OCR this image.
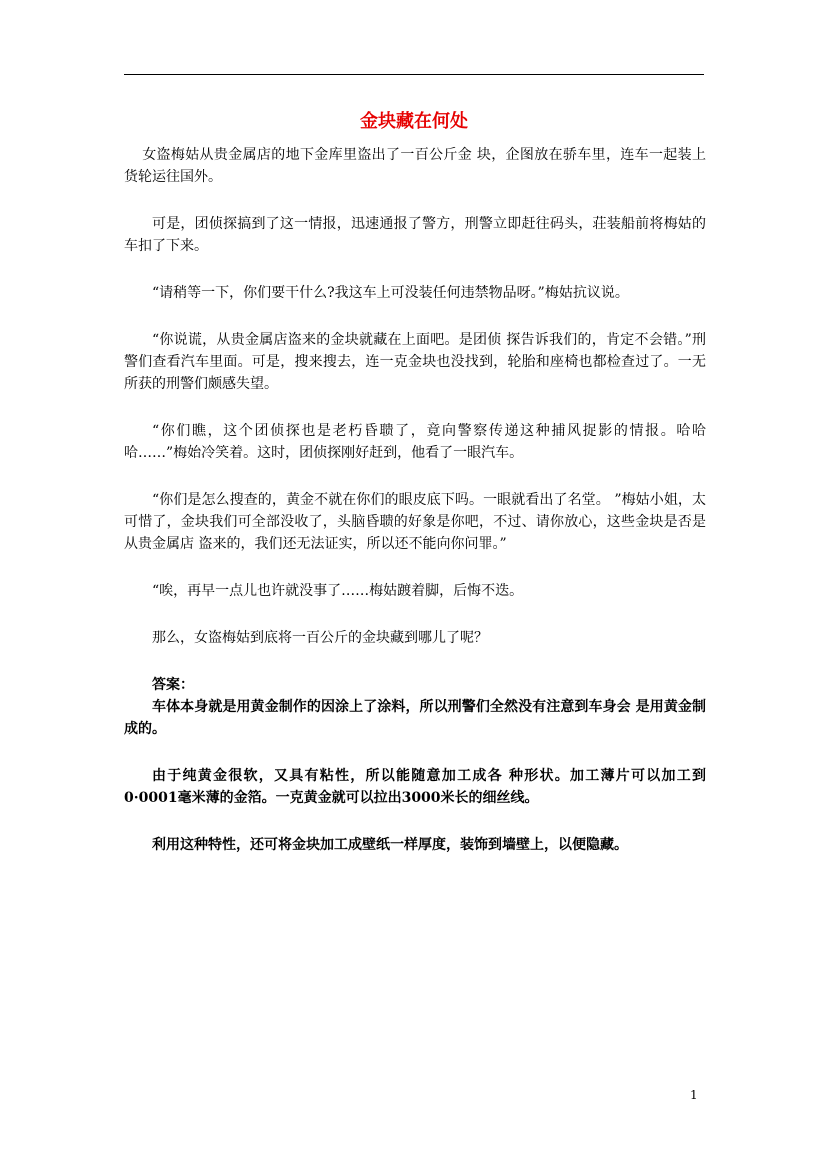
金块藏在何处

女盗梅姑从贵金属店的地下金库里盗出了一百公斤金 块，企图放在骄车里，连车一起装上货轮运往国外。

可是，团侦探搞到了这一情报，迅速通报了警方，刑警立即赶往码头，荘装船前将梅姑的车扣了下来。

“请稍等一下，你们要干什么?我这车上可没装任何违禁物品呀。”梅姑抗议说。

“你说谎，从贵金属店盗来的金块就藏在上面吧。是团侦 探告诉我们的，肯定不会错。”刑警们查看汽车里面。可是，搜来搜去，连一克金块也没找到，轮胎和座椅也都检查过了。一无所获的刑警们颇感失望。

“你们瞧，这个团侦探也是老朽昏聩了，竟向警察传递这种捕风捉影的情报。哈哈哈……”梅始冷笑着。这时，团侦探刚好赶到，他看了一眼汽车。

“你们是怎么搜查的，黄金不就在你们的眼皮底下吗。一眼就看出了名堂。 ”梅姑小姐，太可惜了，金块我们可全部没收了，头脑昏聩的好象是你吧，不过、请你放心，这些金块是否是从贵金属店 盗来的，我们还无法证实，所以还不能向你问罪。”

“唉，再早一点儿也许就没事了……梅姑踱着脚，后悔不迭。

那么，女盗梅姑到底将一百公斤的金块藏到哪儿了呢？

答案：

车体本身就是用黄金制作的因涂上了涂料，所以刑警们全然没有注意到车身会 是用黄金制成的。

由于纯黄金很软，又具有粘性，所以能随意加工成各 种形状。加工薄片可以加工到0·0001毫米薄的金箔。一克黄金就可以拉出3000米长的细丝线。

利用这种特性，还可将金块加工成壁纸一样厚度，装饰到墙壁上，以便隐藏。

1
